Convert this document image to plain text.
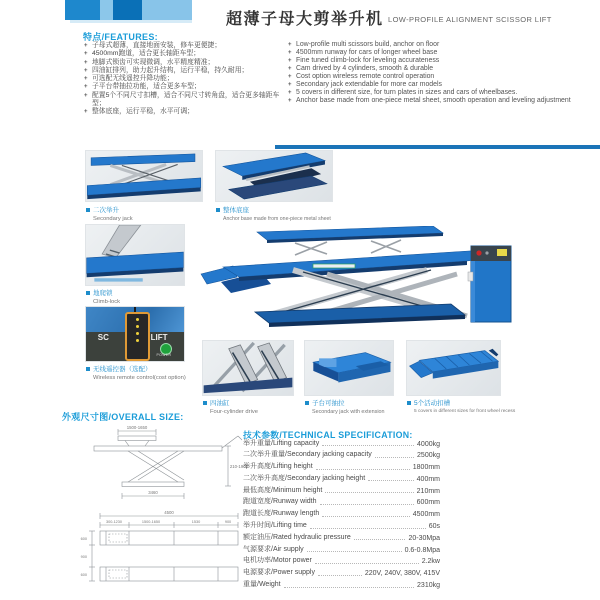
超薄子母大剪举升机 LOW-PROFILE ALIGNMENT SCISSOR LIFT
特点/FEATURES:
+ 子母式超薄，直接地面安装，修车更便捷；
+ 4500mm跑道，适合更长轴距车型；
+ 地脚式锁齿可实现微调，水平精度精准；
+ 四油缸排列，助力起升结构，运行平稳，持久耐用；
+ 可选配无线遥控升降功能；
+ 子平台带抽拉功能，适合更多车型；
+ 配置5个不同尺寸扣槽，适合不同尺寸转角盘，适合更多轴距车型；
+ 整体底座，运行平稳，水平可调；
+ Low-profile multi scissors build, anchor on floor
+ 4500mm runway for cars of longer wheel base
+ Fine tuned climb-lock for leveling accurateness
+ Cam drived by 4 cylinders, smooth & durable
+ Cost option wireless remote control operation
+ Secondary jack extendable for more car models
+ 5 covers in different size, for turn plates in sizes and cars of wheelbases.
+ Anchor base made from one-piece metal sheet, smooth operation and leveling adjustment
二次举升
Secondary jack
整体底座
Anchor base made from one-piece metal sheet
地爬锁
Climb-lock
SC	LIFT
POWER
无线遥控器（选配）
Wireless remote control(cost option)
四油缸
Four-cylinder drive
子台可抽拉
Secondary jack with extension
5个活动扣槽
5 covers in different sizes for front wheel recess
外观尺寸图/OVERALL SIZE:
1500-1650
3460
210-1900
4500
300-1230	1500-1650	1530	900
600
900
600
技术参数/TECHNICAL SPECIFICATION:
举升重量/Lifting capacity	4000kg
二次举升重量/Secondary jacking capacity	2500kg
举升高度/Lifting height	1800mm
二次举升高度/Secondary jacking height	400mm
最低高度/Minimum height	210mm
跑道宽度/Runway width	600mm
跑道长度/Runway length	4500mm
举升时间/Lifting time	60s
额定油压/Rated hydraulic pressure	20-30Mpa
气源要求/Air supply	0.6-0.8Mpa
电机功率/Motor power	2.2kw
电源要求/Power supply	220V, 240V, 380V, 415V
重量/Weight	2310kg
